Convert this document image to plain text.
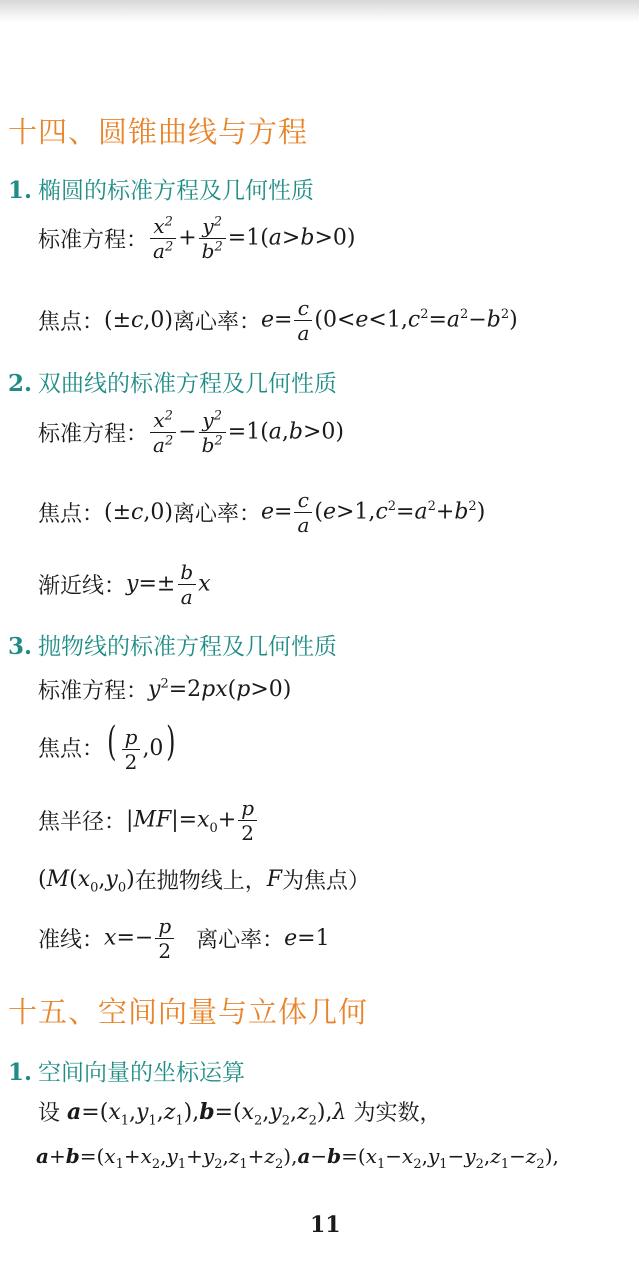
十四、圆锥曲线与方程
1. 椭圆的标准方程及几何性质
标准方程： $\frac{x^2}{a^2} + \frac{y^2}{b^2} =1(a>b>0)$
焦点： (±c,0) 离心率： $e= \frac{c}{a} (0<e<1,c^2=a^2-b^2)$
2. 双曲线的标准方程及几何性质
标准方程： $\frac{x^2}{a^2} - \frac{y^2}{b^2} =1(a,b>0)$
焦点： (±c,0) 离心率： $e= \frac{c}{a} (e>1,c^2=a^2+b^2)$
渐近线： $y=\pm \frac{b}{a}$ x
3. 抛物线的标准方程及几何性质
标准方程： $y^2=2px(p>0)$
焦点： ( $\frac{p}{2} ,0$)
焦半径： $|MF|=x_0+ \frac{p}{2}$
($M(x_0,y_0)$ 在抛物线上， F 为焦点）
准线： $x=- \frac{p}{2}$ 离心率： e=1
十五、空间向量与立体几何
1. 空间向量的坐标运算
设 $a=(x_1,y_1,z_1),b=(x_2,y_2,z_2),\lambda$ 为实数，
$a+b=(x_1+x_2,y_1+y_2,z_1+z_2),a-b=(x_1-x_2,y_1-y_2,z_1-z_2)$,
11
